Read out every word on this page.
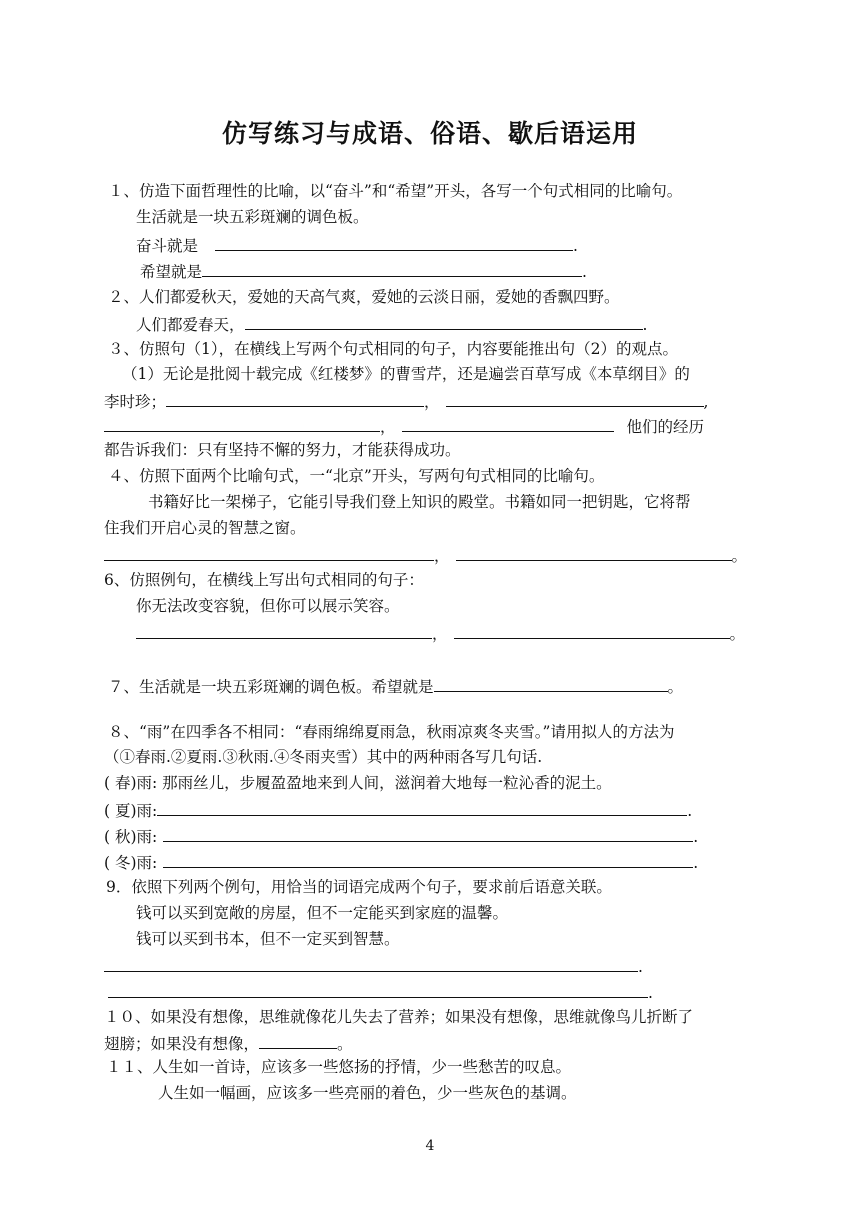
仿写练习与成语、俗语、歇后语运用
１、仿造下面哲理性的比喻，以“奋斗”和“希望”开头，各写一个句式相同的比喻句。
生活就是一块五彩斑斓的调色板。
奋斗就是	.
希望就是	.
２、人们都爱秋天，爱她的天高气爽，爱她的云淡日丽，爱她的香飘四野。
人们都爱春天，	.
３、仿照句（1），在横线上写两个句式相同的句子，内容要能推出句（2）的观点。
（1）无论是批阅十载完成《红楼梦》的曹雪芹，还是遍尝百草写成《本草纲目》的
李时珍；	，	,
，	他们的经历
都告诉我们：只有坚持不懈的努力，才能获得成功。
４、仿照下面两个比喻句式，一“北京”开头，写两句句式相同的比喻句。
书籍好比一架梯子，它能引导我们登上知识的殿堂。书籍如同一把钥匙，它将帮
住我们开启心灵的智慧之窗。
，	。
6、仿照例句，在横线上写出句式相同的句子：
你无法改变容貌，但你可以展示笑容。
，	。
７、生活就是一块五彩斑斓的调色板。希望就是	。
８、“雨”在四季各不相同：“春雨绵绵夏雨急，秋雨凉爽冬夹雪。”请用拟人的方法为
（①春雨.②夏雨.③秋雨.④冬雨夹雪）其中的两种雨各写几句话.
( 春)雨: 那雨丝儿，步履盈盈地来到人间，滋润着大地每一粒沁香的泥土。
( 夏)雨:	.
( 秋)雨:	.
( 冬)雨:	.
9．依照下列两个例句，用恰当的词语完成两个句子，要求前后语意关联。
钱可以买到宽敞的房屋，但不一定能买到家庭的温馨。
钱可以买到书本，但不一定买到智慧。
.
.
１０、如果没有想像，思维就像花儿失去了营养；如果没有想像，思维就像鸟儿折断了
翅膀；如果没有想像，	。
１１、人生如一首诗，应该多一些悠扬的抒情，少一些愁苦的叹息。
人生如一幅画，应该多一些亮丽的着色，少一些灰色的基调。
4
